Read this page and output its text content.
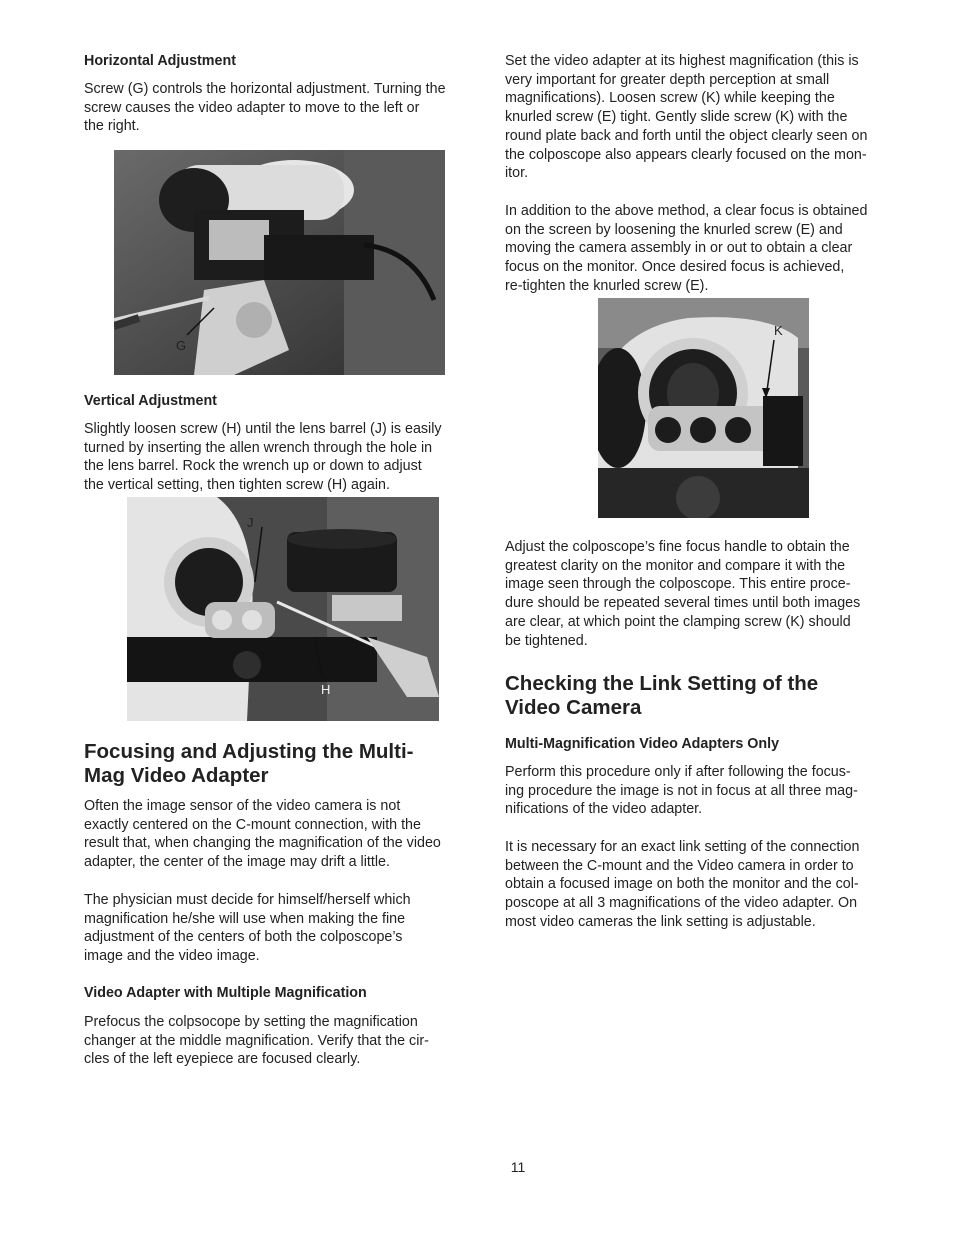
Horizontal Adjustment

Screw (G) controls the horizontal adjustment. Turning the
screw causes the video adapter to move to the left or
the right.

G
Vertical Adjustment

Slightly loosen screw (H) until the lens barrel (J) is easily
turned by inserting the allen wrench through the hole in
the lens barrel. Rock the wrench up or down to adjust
the vertical setting, then tighten screw (H) again.

J
H
Focusing and Adjusting the Multi-
Mag Video Adapter

Often the image sensor of the video camera is not
exactly centered on the C-mount connection, with the
result that, when changing the magnification of the video
adapter, the center of the image may drift a little.

The physician must decide for himself/herself which
magnification he/she will use when making the fine
adjustment of the centers of both the colposcope’s
image and the video image.

Video Adapter with Multiple Magnification

Prefocus the colpsocope by setting the magnification
changer at the middle magnification. Verify that the cir-
cles of the left eyepiece are focused clearly.

Set the video adapter at its highest magnification (this is
very important for greater depth perception at small
magnifications). Loosen screw (K) while keeping the
knurled screw (E) tight. Gently slide screw (K) with the
round plate back and forth until the object clearly seen on
the colposcope also appears clearly focused on the mon-
itor.

In addition to the above method, a clear focus is obtained
on the screen by loosening the knurled screw (E) and
moving the camera assembly in or out to obtain a clear
focus on the monitor. Once desired focus is achieved,
re-tighten the knurled screw (E).

K

Adjust the colposcope’s fine focus handle to obtain the
greatest clarity on the monitor and compare it with the
image seen through the colposcope. This entire proce-
dure should be repeated several times until both images
are clear, at which point the clamping screw (K) should
be tightened.

Checking the Link Setting of the
Video Camera
Multi-Magnification Video Adapters Only

Perform this procedure only if after following the focus-
ing procedure the image is not in focus at all three mag-
nifications of the video adapter.

It is necessary for an exact link setting of the connection
between the C-mount and the Video camera in order to
obtain a focused image on both the monitor and the col-
poscope at all 3 magnifications of the video adapter. On
most video cameras the link setting is adjustable.

11
